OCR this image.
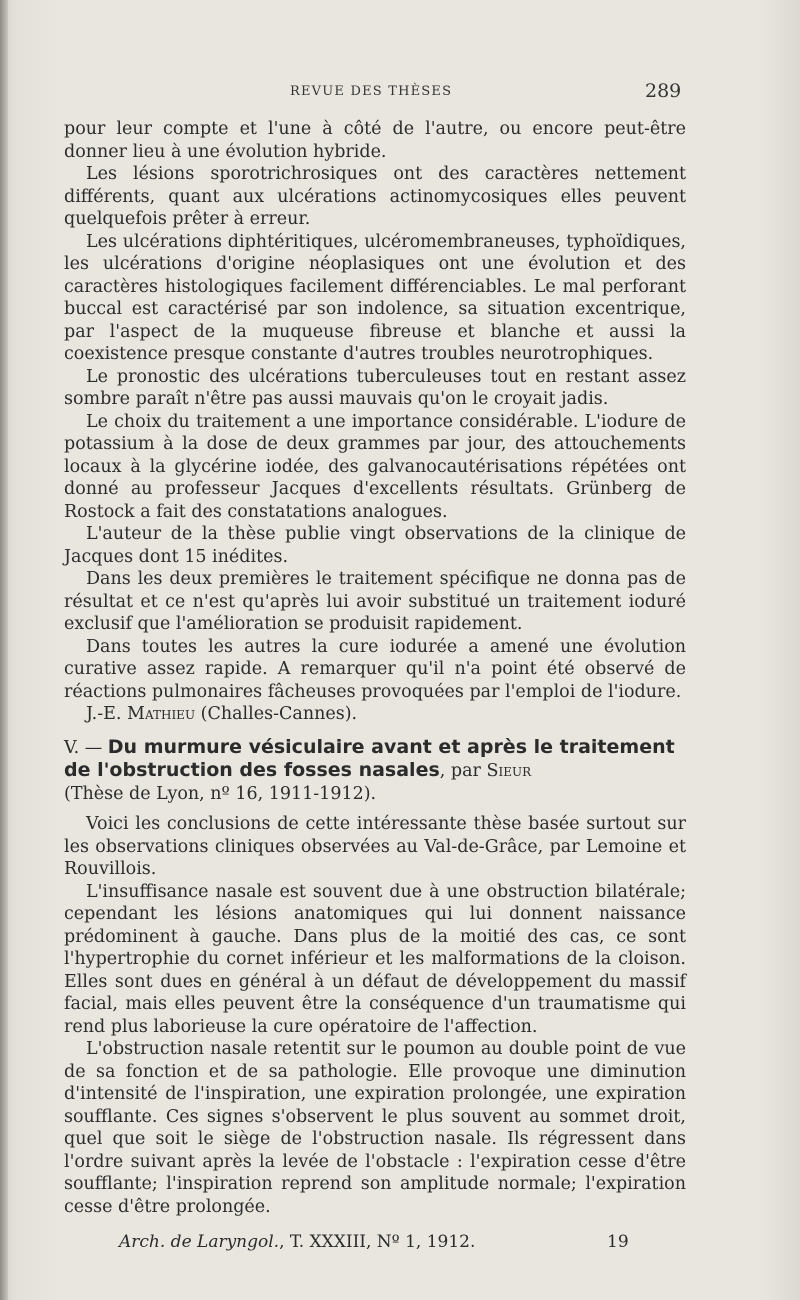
REVUE DES THÈSES	289

pour leur compte et l'une à côté de l'autre, ou encore peut-être donner lieu à une évolution hybride.

Les lésions sporotrichrosiques ont des caractères nettement différents, quant aux ulcérations actinomycosiques elles peuvent quelquefois prêter à erreur.

Les ulcérations diphtéritiques, ulcéromembraneuses, typhoïdiques, les ulcérations d'origine néoplasiques ont une évolution et des caractères histologiques facilement différenciables. Le mal perforant buccal est caractérisé par son indolence, sa situation excentrique, par l'aspect de la muqueuse fibreuse et blanche et aussi la coexistence presque constante d'autres troubles neurotrophiques.

Le pronostic des ulcérations tuberculeuses tout en restant assez sombre paraît n'être pas aussi mauvais qu'on le croyait jadis.

Le choix du traitement a une importance considérable. L'iodure de potassium à la dose de deux grammes par jour, des attouchements locaux à la glycérine iodée, des galvanocautérisations répétées ont donné au professeur Jacques d'excellents résultats. Grünberg de Rostock a fait des constatations analogues.

L'auteur de la thèse publie vingt observations de la clinique de Jacques dont 15 inédites.

Dans les deux premières le traitement spécifique ne donna pas de résultat et ce n'est qu'après lui avoir substitué un traitement ioduré exclusif que l'amélioration se produisit rapidement.

Dans toutes les autres la cure iodurée a amené une évolution curative assez rapide. A remarquer qu'il n'a point été observé de réactions pulmonaires fâcheuses provoquées par l'emploi de l'iodure.

J.-E. Mathieu (Challes-Cannes).

V. — Du murmure vésiculaire avant et après le traitement de l'obstruction des fosses nasales, par Sieur
(Thèse de Lyon, nº 16, 1911-1912).

Voici les conclusions de cette intéressante thèse basée surtout sur les observations cliniques observées au Val-de-Grâce, par Lemoine et Rouvillois.

L'insuffisance nasale est souvent due à une obstruction bilatérale; cependant les lésions anatomiques qui lui donnent naissance prédominent à gauche. Dans plus de la moitié des cas, ce sont l'hypertrophie du cornet inférieur et les malformations de la cloison. Elles sont dues en général à un défaut de développement du massif facial, mais elles peuvent être la conséquence d'un traumatisme qui rend plus laborieuse la cure opératoire de l'affection.

L'obstruction nasale retentit sur le poumon au double point de vue de sa fonction et de sa pathologie. Elle provoque une diminution d'intensité de l'inspiration, une expiration prolongée, une expiration soufflante. Ces signes s'observent le plus souvent au sommet droit, quel que soit le siège de l'obstruction nasale. Ils régressent dans l'ordre suivant après la levée de l'obstacle : l'expiration cesse d'être soufflante; l'inspiration reprend son amplitude normale; l'expiration cesse d'être prolongée.

Arch. de Laryngol., T. XXXIII, Nº 1, 1912.	19
